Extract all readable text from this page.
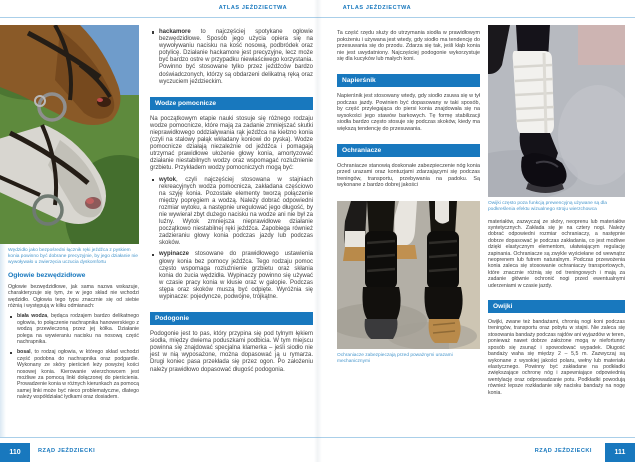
ATLAS JEŹDZIECTWA	ATLAS JEŹDZIECTWA
Wędzidło jako bezpośredni łącznik ręki jeźdźca z pyskiem konia powinno być dobrane precyzyjnie, by jego działanie nie wywoływało u zwierzęcia uczucia dyskomfortu
Ogłowie bezwędzidłowe

Ogłowie bezwędzidłowe, jak sama nazwa wskazuje, charakteryzuje się tym, że w jego skład nie wchodzi wędzidło. Ogłowia tego typu znacznie się od siebie różnią i występują w kilku odmianach:

biała wodza, będąca rodzajem bardzo delikatnego ogłowia, to połączenie nachrapnika hanowerskiego z wodzą przewleczoną przez jej kółka. Działanie polega na wywieraniu nacisku na nosową część nachrapnika.
bosal, to rodzaj ogłowia, w którego skład wchodzi część podobna do nachrapnika oraz podgardle. Wykonany ze skóry pierścień leży powyżej kości nosowej konia. Kierowanie wierzchowcem jest możliwe za pomocą linki dołączonej do pierścienia. Prowadzenie konia w różnych kierunkach za pomocą samej linki może być nieco problematyczne, dlatego należy współdziałać łydkami oraz dosiadem.
hackamore to najczęściej spotykane ogłowie bezwędzidłowe. Sposób jego użycia opiera się na wywoływaniu nacisku na kość nosową, podbródek oraz potylicę. Działanie hackamore jest precyzyjne, lecz może być bardzo ostre w przypadku niewłaściwego korzystania. Powinno być stosowane tylko przez jeźdźców bardzo doświadczonych, którzy są obdarzeni delikatną ręką oraz wyczuciem jeździeckim.
Wodze pomocnicze

Na początkowym etapie nauki stosuje się różnego rodzaju wodze pomocnicze, które mają za zadanie zmniejszać skutki nieprawidłowego oddziaływania rąk jeźdźca na kiełzno konia (czyli na stalowy pałąk wkładany koniowi do pyska). Wodze pomocnicze działają niezależnie od jeźdźca i pomagają utrzymać prawidłowe ułożenie głowy konia, amortyzować działanie niestabilnych wodzy oraz wspomagać rozluźnienie grzbietu. Przykładem wodzy pomocniczych mogą być:

wytok, czyli najczęściej stosowana w stajniach rekreacyjnych wodza pomocnicza, zakładana częściowo na szyję konia. Pozostałe elementy tworzą połączenie między popręgiem a wodzą. Należy dobrać odpowiedni rozmiar wytoku, a następnie uregulować jego długość, by nie wywierał zbyt dużego nacisku na wodze ani nie był za luźny. Wytok zmniejsza nieprawidłowe działanie początkowo niestabilnej ręki jeźdźca. Zapobiega również zadzieraniu głowy konia podczas jazdy lub podczas skoków.
wypinacze stosowane do prawidłowego ustawienia głowy konia bez pomocy jeźdźca. Tego rodzaju pomoc często wspomaga rozluźnienie grzbietu oraz skłania konia do żucia wędzidła. Wypinaczy powinno się używać w czasie pracy konia w kłusie oraz w galopie. Podczas stępa oraz skoków muszą być odpięte. Wyróżnia się wypinacze: pojedyncze, podwójne, trójkątne.
Podogonie

Podogonie jest to pas, który przypina się pod tylnym łękiem siodła, między dwiema poduszkami podbicia. W tym miejscu powinna się znajdować specjalna klamerka – jeśli siodło nie jest w nią wyposażone, można dopasować ją u rymarza. Drugi koniec pasa przekłada się przez ogon. Po założeniu należy prawidłowo dopasować długość podogonia.

Ta część rzędu służy do utrzymania siodła w prawidłowym położeniu i używana jest wtedy, gdy siodło ma tendencję do przesuwania się do przodu. Zdarza się tak, jeśli kłąb konia nie jest uwydatniony. Najczęściej podogonie wykorzystuje się dla kucyków lub małych koni.

Napierśnik

Napierśnik jest stosowany wtedy, gdy siodło zsuwa się w tył podczas jazdy. Powinien być dopasowany w taki sposób, by część przylegająca do piersi konia znajdowała się na wysokości jego stawów barkowych. Tę formę stabilizacji siodła bardzo często stosuje się podczas skoków, kiedy ma większą tendencję do przesuwania.

Ochraniacze

Ochraniacze stanowią doskonałe zabezpieczenie nóg konia przed urazami oraz kontuzjami zdarzającymi się podczas treningów, transportu, przebywania na padoku. Są wykonane z bardzo dobrej jakości

Ochraniacze zabezpieczają przed poważnymi urazami mechanicznymi
Owijki często poza funkcją prewencyjną używane są dla podkreślenia efektu wizualnego stroju wierzchowca

materiałów, zazwyczaj ze skóry, neoprenu lub materiałów syntetycznych. Zakłada się je na cztery nogi. Należy dobrać odpowiedni rozmiar ochraniaczy, a następnie dobrze dopasować je podczas zakładania, co jest możliwe dzięki elastycznym elementom, ułatwiającym regulację zapinania. Ochraniacze są zwykle wyściełane od wewnątrz neoprenem lub futrem naturalnym. Podczas przewożenia konia zaleca się stosowanie ochraniaczy transportowych, które znacznie różnią się od treningowych i mają za zadanie głównie ochronić nogi przed ewentualnymi uderzeniami w czasie jazdy.

Owijki

Owijki, zwane też bandażami, chronią nogi koni podczas treningów, transportu oraz pobytu w stajni. Nie zaleca się stosowania bandaży podczas rajdów ani wyjazdów w teren, ponieważ nawet dobrze założone mogą w niefortunny sposób się zsunąć i spowodować wypadek. Długość bandaży waha się między 2 – 5,5 m. Zazwyczaj są wykonane z wysokiej jakości polaru, wełny lub materiału elastycznego. Powinny być zakładane na podkładki zwiększające ochronę nóg i zapewniające odpowiednią wentylację oraz odprowadzanie potu. Podkładki powodują również lepsze rozkładanie siły nacisku bandaży na nogę konia.

110	RZĄD JEŹDZIECKI	RZĄD JEŹDZIECKI	111
